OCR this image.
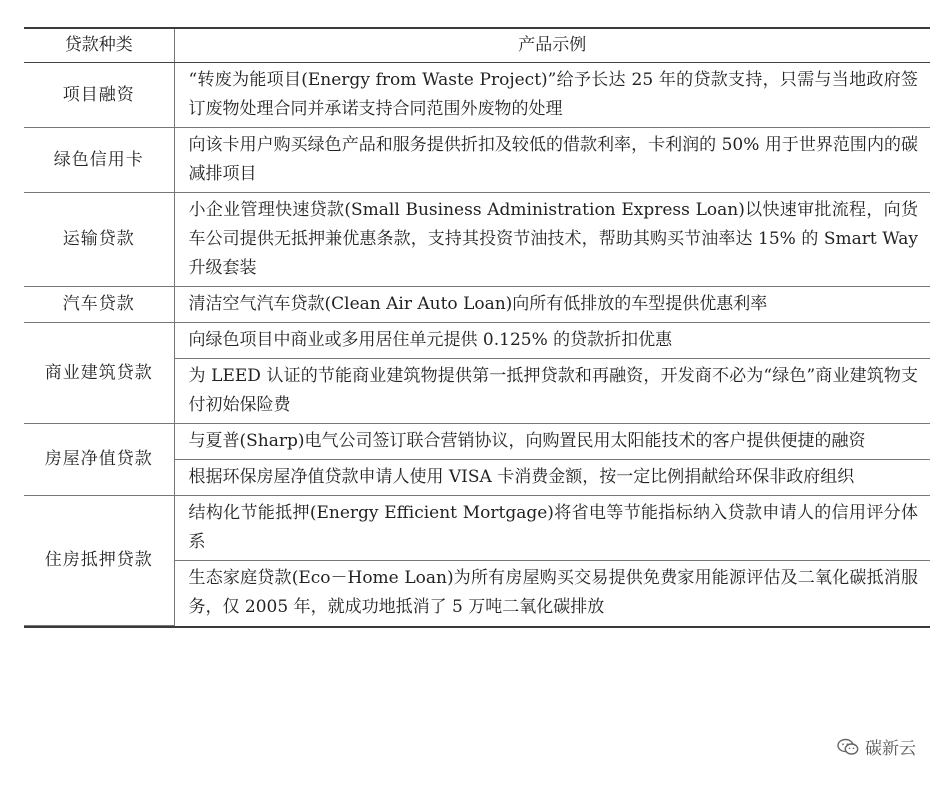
贷款种类	产品示例
项目融资	“转废为能项目(Energy from Waste Project)”给予长达 25 年的贷款支持，只需与当地政府签订废物处理合同并承诺支持合同范围外废物的处理
绿色信用卡	向该卡用户购买绿色产品和服务提供折扣及较低的借款利率，卡利润的 50% 用于世界范围内的碳减排项目
运输贷款	小企业管理快速贷款(Small Business Administration Express Loan)以快速审批流程，向货车公司提供无抵押兼优惠条款，支持其投资节油技术，帮助其购买节油率达 15% 的 Smart Way 升级套装
汽车贷款	清洁空气汽车贷款(Clean Air Auto Loan)向所有低排放的车型提供优惠利率
商业建筑贷款	向绿色项目中商业或多用居住单元提供 0.125% 的贷款折扣优惠
	为 LEED 认证的节能商业建筑物提供第一抵押贷款和再融资，开发商不必为“绿色”商业建筑物支付初始保险费
房屋净值贷款	与夏普(Sharp)电气公司签订联合营销协议，向购置民用太阳能技术的客户提供便捷的融资
	根据环保房屋净值贷款申请人使用 VISA 卡消费金额，按一定比例捐献给环保非政府组织
住房抵押贷款	结构化节能抵押(Energy Efficient Mortgage)将省电等节能指标纳入贷款申请人的信用评分体系
	生态家庭贷款(Eco－Home Loan)为所有房屋购买交易提供免费家用能源评估及二氧化碳抵消服务，仅 2005 年，就成功地抵消了 5 万吨二氧化碳排放
碳新云
